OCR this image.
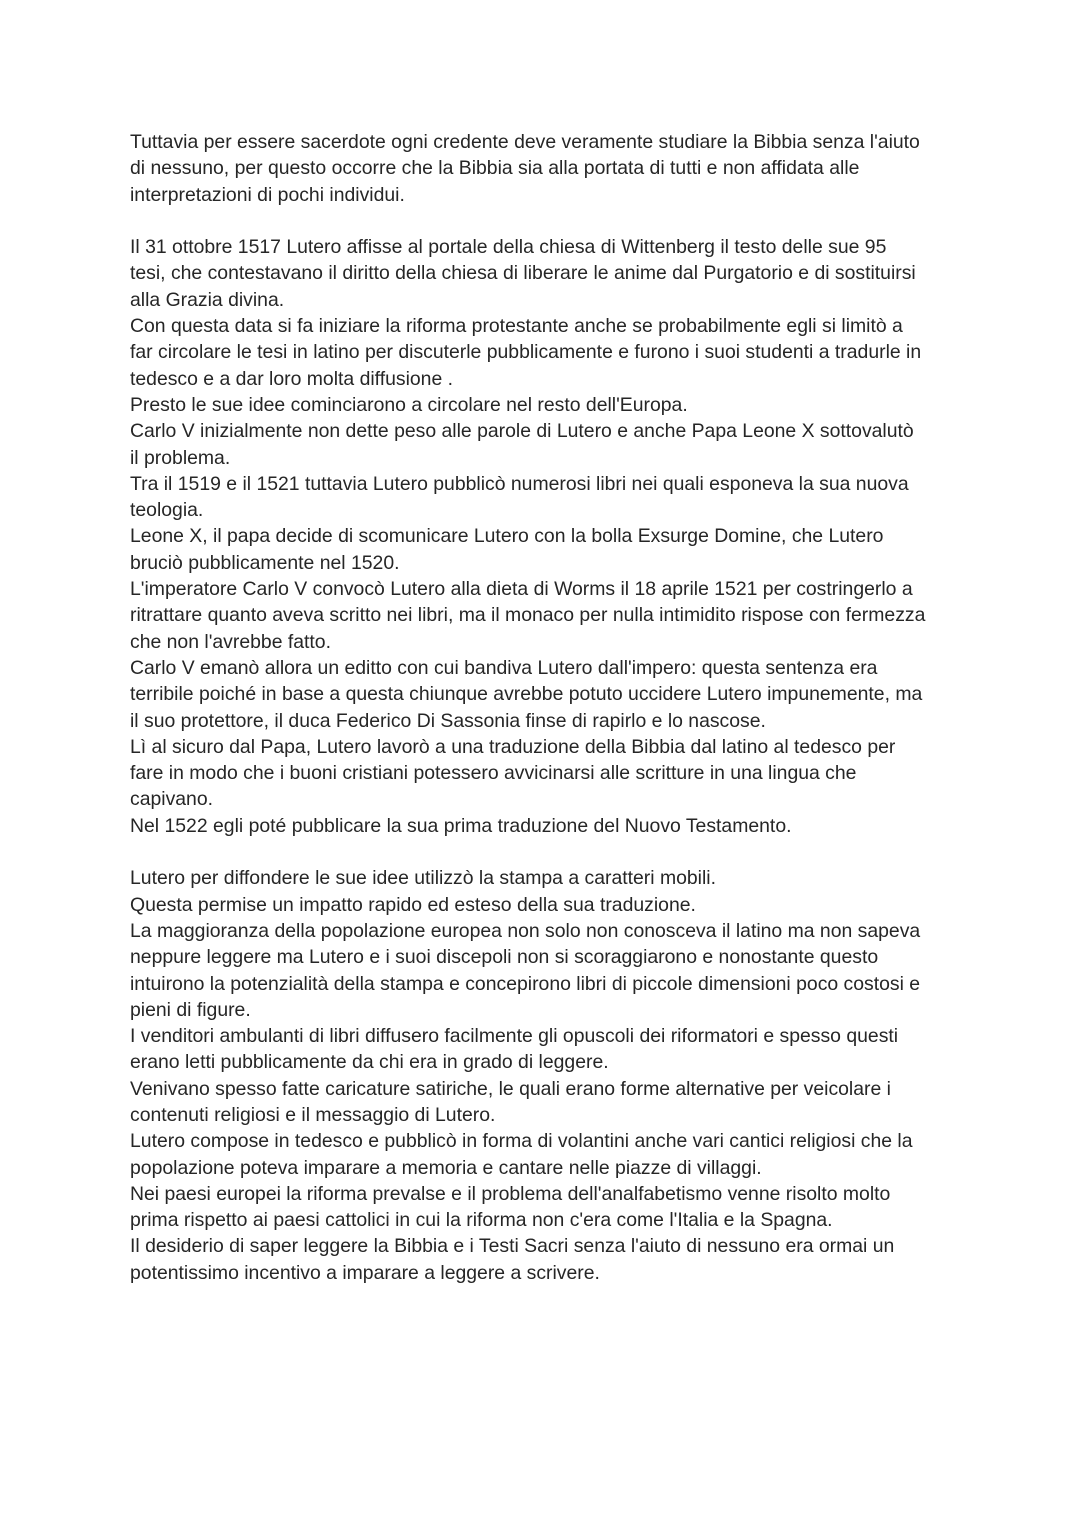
Tuttavia per essere sacerdote ogni credente deve veramente studiare la Bibbia senza l'aiuto
di nessuno, per questo occorre che la Bibbia sia alla portata di tutti e non affidata alle
interpretazioni di pochi individui.

Il 31 ottobre 1517 Lutero affisse al portale della chiesa di Wittenberg il testo delle sue 95
tesi, che contestavano il diritto della chiesa di liberare le anime dal Purgatorio e di sostituirsi
alla Grazia divina.
Con questa data si fa iniziare la riforma protestante anche se probabilmente egli si limitò a
far circolare le tesi in latino per discuterle pubblicamente e furono i suoi studenti a tradurle in
tedesco e a dar loro molta diffusione .
Presto le sue idee cominciarono a circolare nel resto dell'Europa.
Carlo V inizialmente non dette peso alle parole di Lutero e anche Papa Leone X sottovalutò
il problema.
Tra il 1519 e il 1521 tuttavia Lutero pubblicò numerosi libri nei quali esponeva la sua nuova
teologia.
Leone X, il papa decide di scomunicare Lutero con la bolla Exsurge Domine, che Lutero
bruciò pubblicamente nel 1520.
L'imperatore Carlo V convocò Lutero alla dieta di Worms il 18 aprile 1521 per costringerlo a
ritrattare quanto aveva scritto nei libri, ma il monaco per nulla intimidito rispose con fermezza
che non l'avrebbe fatto.
Carlo V emanò allora un editto con cui bandiva Lutero dall'impero: questa sentenza era
terribile poiché in base a questa chiunque avrebbe potuto uccidere Lutero impunemente, ma
il suo protettore, il duca Federico Di Sassonia finse di rapirlo e lo nascose.
Lì al sicuro dal Papa, Lutero lavorò a una traduzione della Bibbia dal latino al tedesco per
fare in modo che i buoni cristiani potessero avvicinarsi alle scritture in una lingua che
capivano.
Nel 1522 egli poté pubblicare la sua prima traduzione del Nuovo Testamento.

Lutero per diffondere le sue idee utilizzò la stampa a caratteri mobili.
Questa permise un impatto rapido ed esteso della sua traduzione.
La maggioranza della popolazione europea non solo non conosceva il latino ma non sapeva
neppure leggere ma Lutero e i suoi discepoli non si scoraggiarono e nonostante questo
intuirono la potenzialità della stampa e concepirono libri di piccole dimensioni poco costosi e
pieni di figure.
I venditori ambulanti di libri diffusero facilmente gli opuscoli dei riformatori e spesso questi
erano letti pubblicamente da chi era in grado di leggere.
Venivano spesso fatte caricature satiriche, le quali erano forme alternative per veicolare i
contenuti religiosi e il messaggio di Lutero.
Lutero compose in tedesco e pubblicò in forma di volantini anche vari cantici religiosi che la
popolazione poteva imparare a memoria e cantare nelle piazze di villaggi.
Nei paesi europei la riforma prevalse e il problema dell'analfabetismo venne risolto molto
prima rispetto ai paesi cattolici in cui la riforma non c'era come l'Italia e la Spagna.
Il desiderio di saper leggere la Bibbia e i Testi Sacri senza l'aiuto di nessuno era ormai un
potentissimo incentivo a imparare a leggere a scrivere.
